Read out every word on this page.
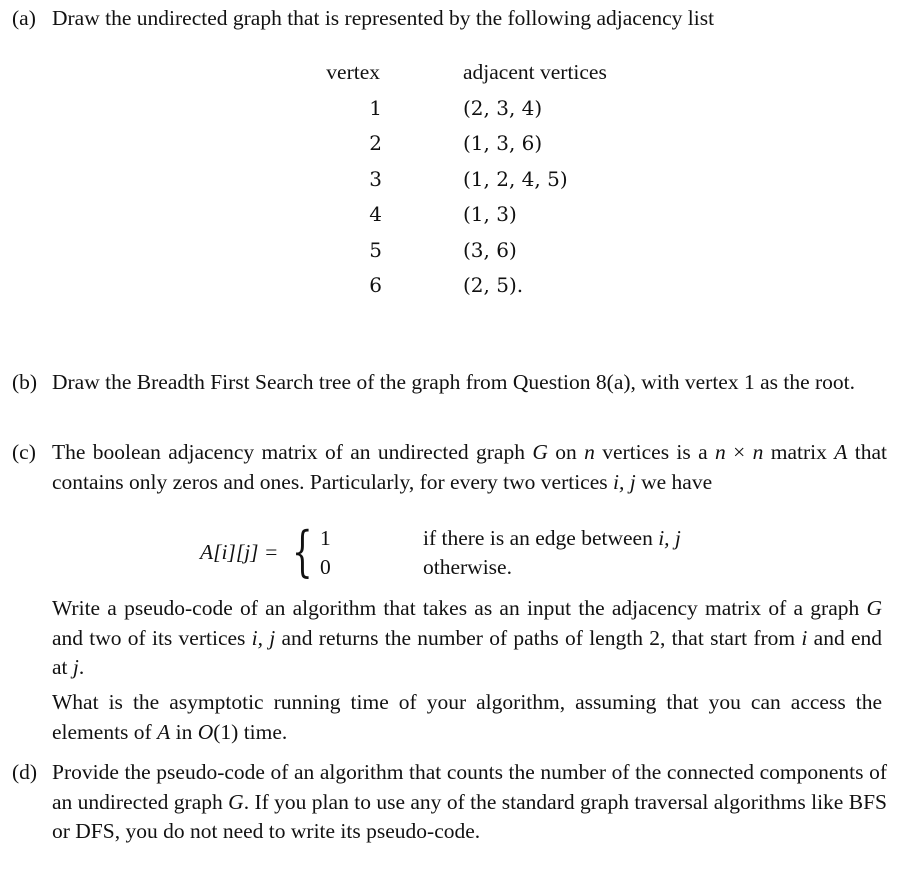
(a) Draw the undirected graph that is represented by the following adjacency list
vertex	adjacent vertices
1	(2, 3, 4)
2	(1, 3, 6)
3	(1, 2, 4, 5)
4	(1, 3)
5	(3, 6)
6	(2, 5).
(b) Draw the Breadth First Search tree of the graph from Question 8(a), with vertex 1 as the root.
(c) The boolean adjacency matrix of an undirected graph G on n vertices is a n × n matrix A that contains only zeros and ones. Particularly, for every two vertices i, j we have
A[i][j] = { 1
0
if there is an edge between i, j
otherwise.
Write a pseudo-code of an algorithm that takes as an input the adjacency matrix of a graph G and two of its vertices i, j and returns the number of paths of length 2, that start from i and end at j.
What is the asymptotic running time of your algorithm, assuming that you can access the elements of A in O(1) time.
(d) Provide the pseudo-code of an algorithm that counts the number of the connected components of an undirected graph G. If you plan to use any of the standard graph traversal algorithms like BFS or DFS, you do not need to write its pseudo-code.
